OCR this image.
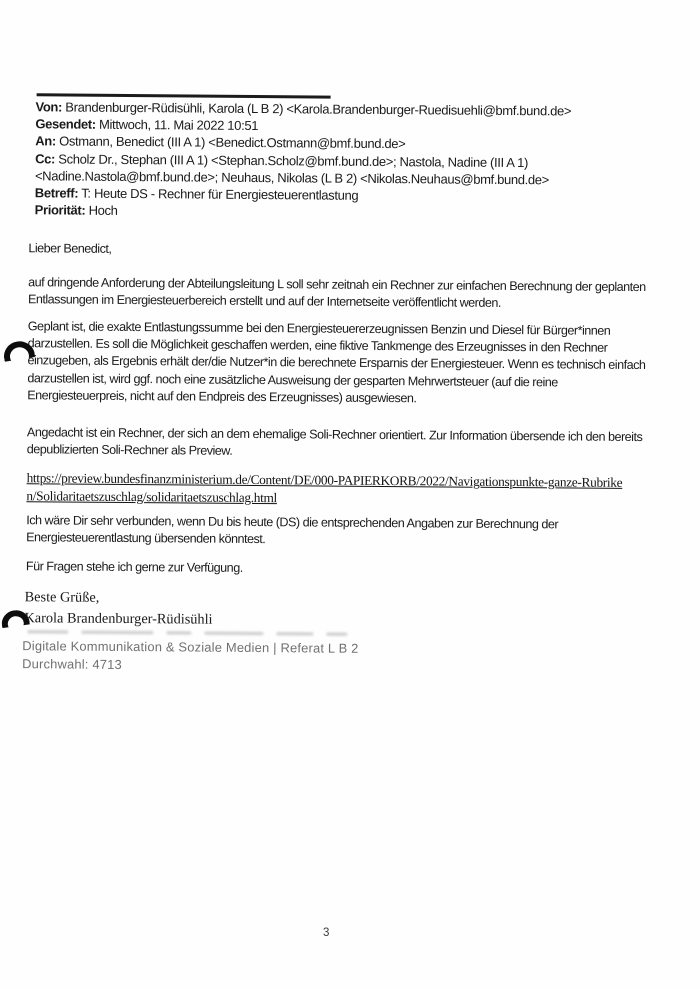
Von: Brandenburger-Rüdisühli, Karola (L B 2) <Karola.Brandenburger-Ruedisuehli@bmf.bund.de>

Gesendet: Mittwoch, 11. Mai 2022 10:51

An: Ostmann, Benedict (III A 1) <Benedict.Ostmann@bmf.bund.de>

Cc: Scholz Dr., Stephan (III A 1) <Stephan.Scholz@bmf.bund.de>; Nastola, Nadine (III A 1) <Nadine.Nastola@bmf.bund.de>; Neuhaus, Nikolas (L B 2) <Nikolas.Neuhaus@bmf.bund.de>

Betreff: T: Heute DS - Rechner für Energiesteuerentlastung

Priorität: Hoch

Lieber Benedict,

auf dringende Anforderung der Abteilungsleitung L soll sehr zeitnah ein Rechner zur einfachen Berechnung der geplanten Entlassungen im Energiesteuerbereich erstellt und auf der Internetseite veröffentlicht werden.

Geplant ist, die exakte Entlastungssumme bei den Energiesteuererzeugnissen Benzin und Diesel für Bürger*innen darzustellen. Es soll die Möglichkeit geschaffen werden, eine fiktive Tankmenge des Erzeugnisses in den Rechner einzugeben, als Ergebnis erhält der/die Nutzer*in die berechnete Ersparnis der Energiesteuer. Wenn es technisch einfach darzustellen ist, wird ggf. noch eine zusätzliche Ausweisung der gesparten Mehrwertsteuer (auf die reine Energiesteuerpreis, nicht auf den Endpreis des Erzeugnisses) ausgewiesen.

Angedacht ist ein Rechner, der sich an dem ehemalige Soli-Rechner orientiert. Zur Information übersende ich den bereits depublizierten Soli-Rechner als Preview.

https://preview.bundesfinanzministerium.de/Content/DE/000-PAPIERKORB/2022/Navigationspunkte-ganze-Rubriken/Solidaritaetszuschlag/solidaritaetszuschlag.html

Ich wäre Dir sehr verbunden, wenn Du bis heute (DS) die entsprechenden Angaben zur Berechnung der Energiesteuerentlastung übersenden könntest.

Für Fragen stehe ich gerne zur Verfügung.

Beste Grüße,

Karola Brandenburger-Rüdisühli

Digitale Kommunikation & Soziale Medien | Referat L B 2

Durchwahl: 4713

3
